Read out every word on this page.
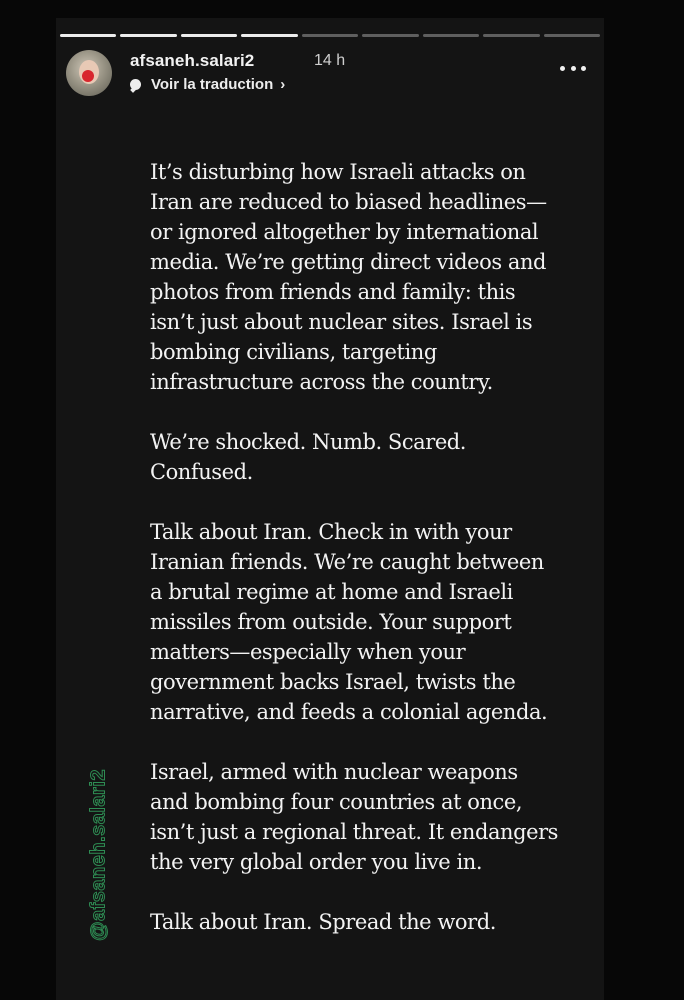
afsaneh.salari2	14 h
Voir la traduction ›

It’s disturbing how Israeli attacks on
Iran are reduced to biased headlines—
or ignored altogether by international
media. We’re getting direct videos and
photos from friends and family: this
isn’t just about nuclear sites. Israel is
bombing civilians, targeting
infrastructure across the country.

We’re shocked. Numb. Scared.
Confused.

Talk about Iran. Check in with your
Iranian friends. We’re caught between
a brutal regime at home and Israeli
missiles from outside. Your support
matters—especially when your
government backs Israel, twists the
narrative, and feeds a colonial agenda.

Israel, armed with nuclear weapons
and bombing four countries at once,
isn’t just a regional threat. It endangers
the very global order you live in.

Talk about Iran. Spread the word.

@afsaneh.salari2
